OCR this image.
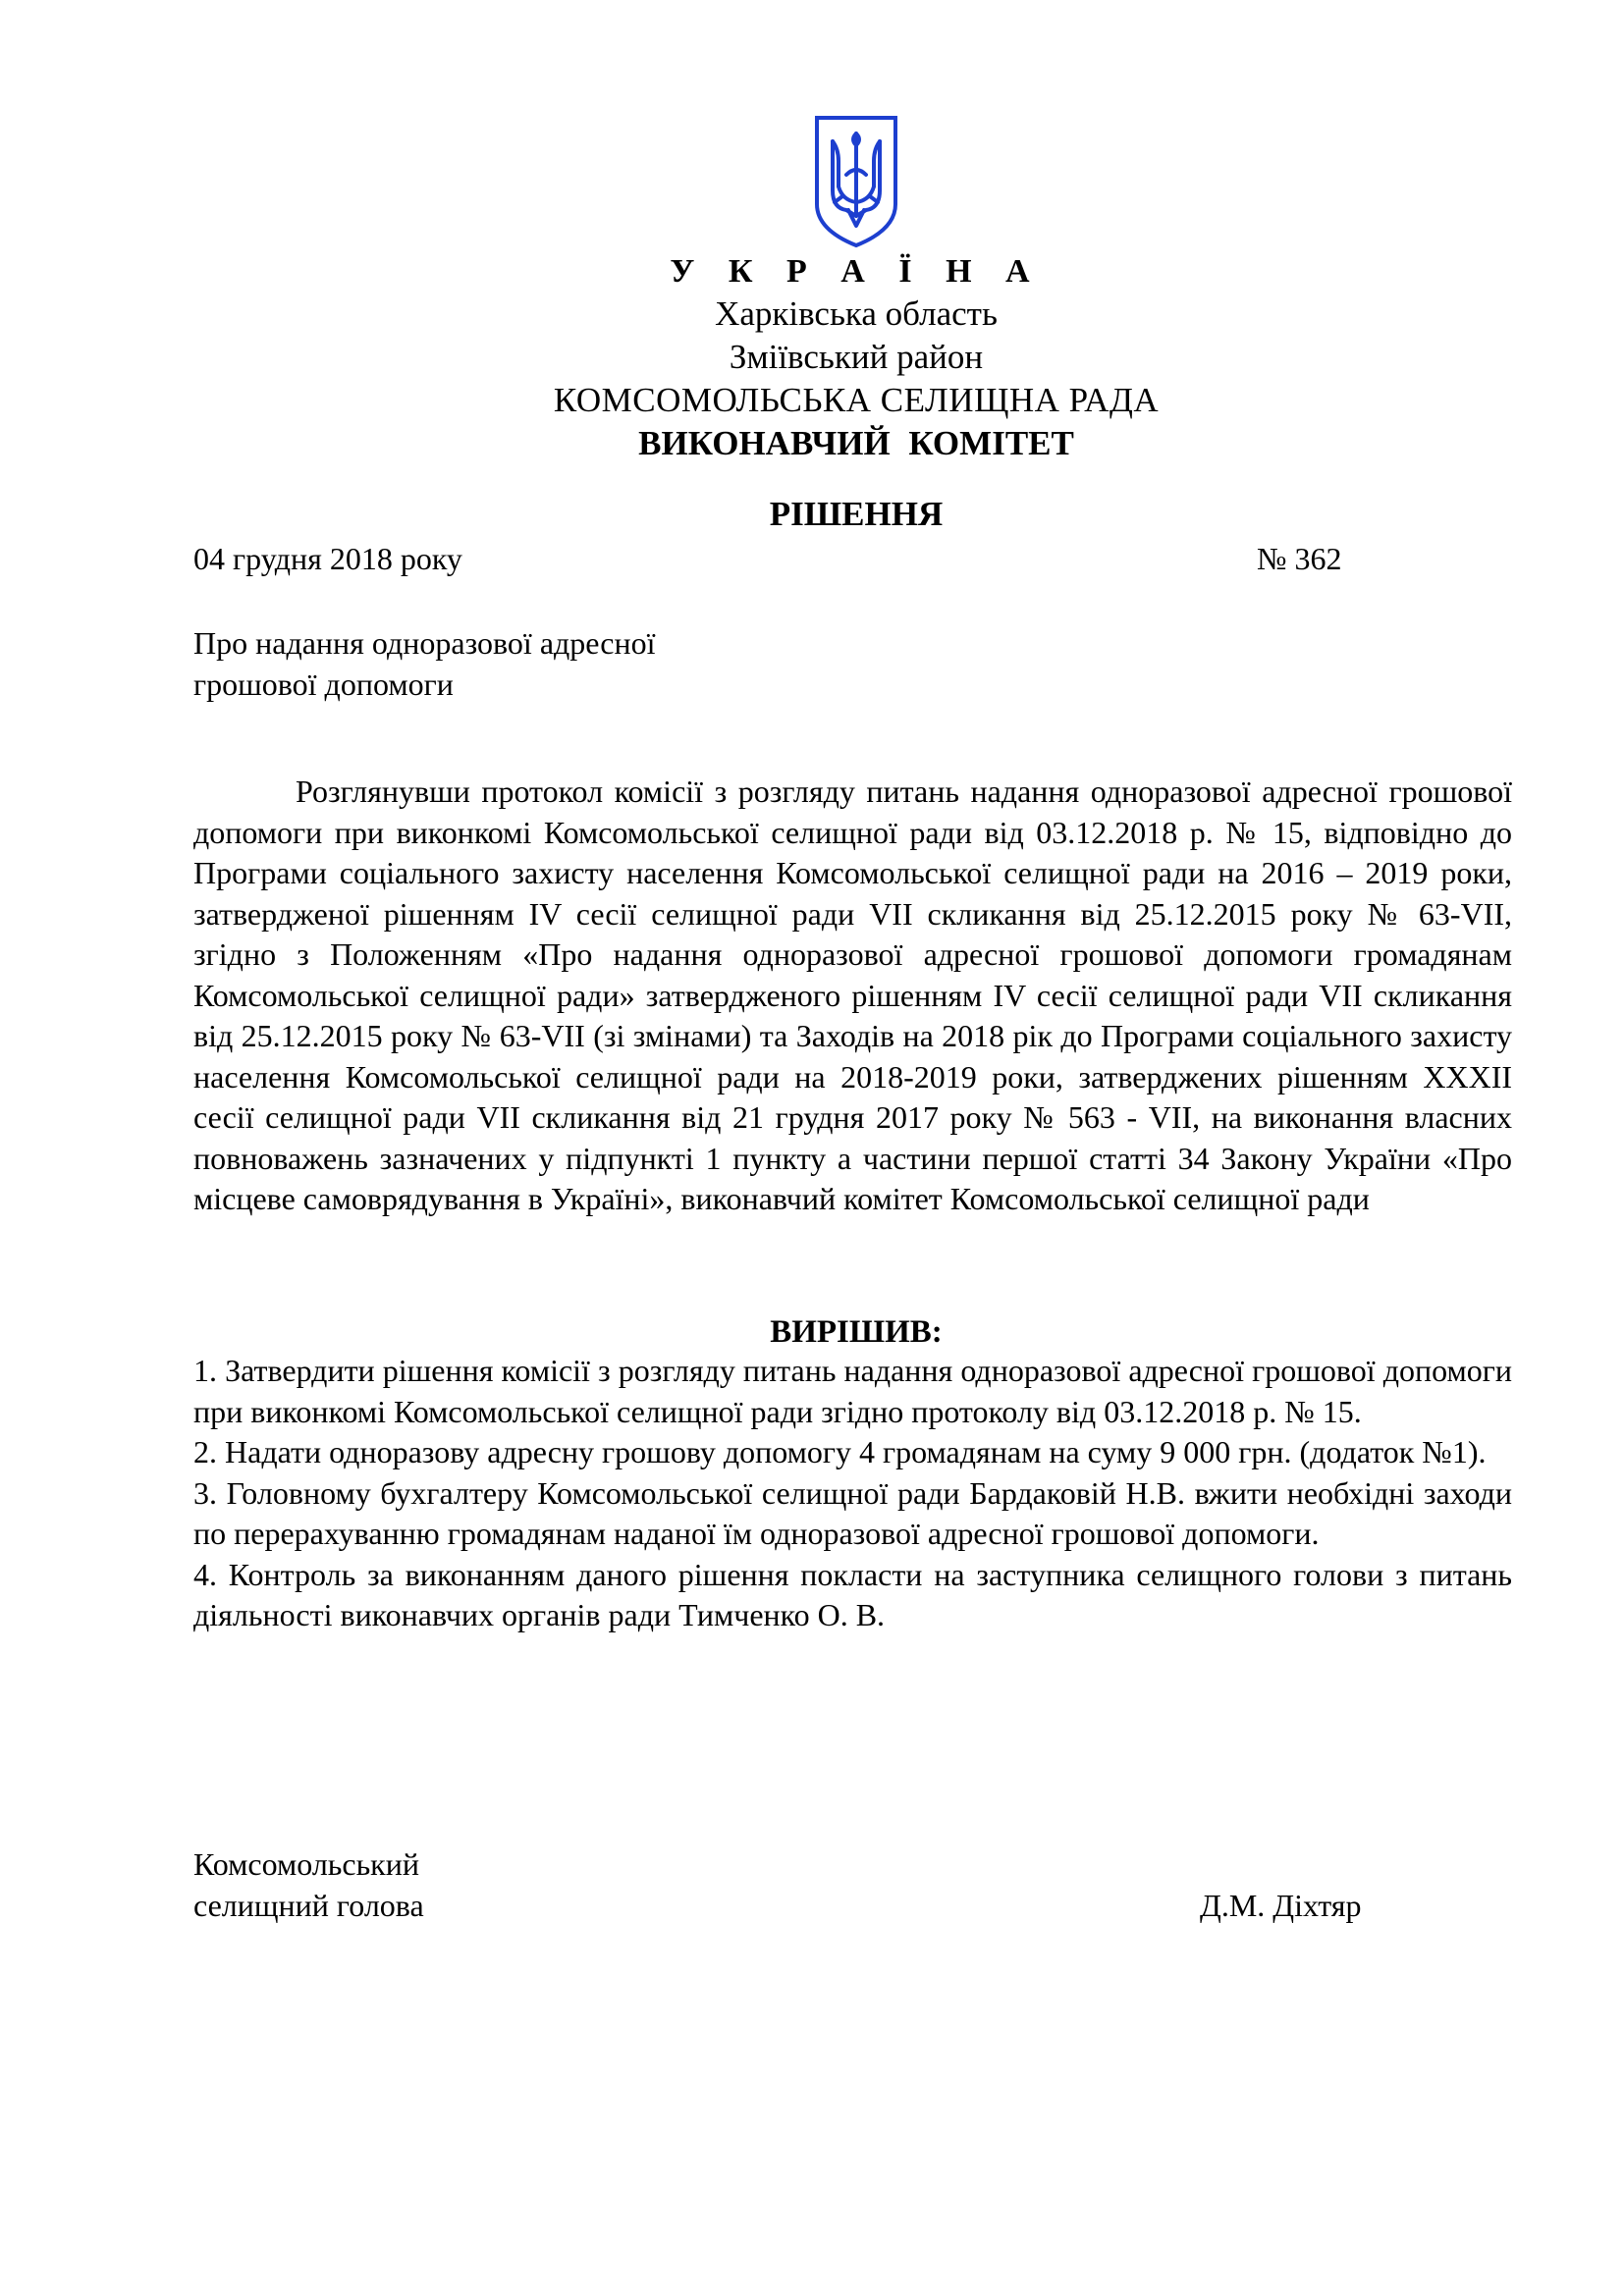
У К Р А Ї Н А
Харківська область
Зміївський район
КОМСОМОЛЬСЬКА СЕЛИЩНА РАДА
ВИКОНАВЧИЙ КОМІТЕТ
РІШЕННЯ
04 грудня 2018 року	№ 362
Про надання одноразової адресної
грошової допомоги

Розглянувши протокол комісії з розгляду питань надання одноразової адресної грошової допомоги при виконкомі Комсомольської селищної ради від 03.12.2018 р. № 15, відповідно до Програми соціального захисту населення Комсомольської селищної ради на 2016 – 2019 роки, затвердженої рішенням IV сесії селищної ради VII скликання від 25.12.2015 року № 63-VII, згідно з Положенням «Про надання одноразової адресної грошової допомоги громадянам Комсомольської селищної ради» затвердженого рішенням IV сесії селищної ради VII скликання від 25.12.2015 року № 63-VII (зі змінами) та Заходів на 2018 рік до Програми соціального захисту населення Комсомольської селищної ради на 2018-2019 роки, затверджених рішенням XXXII сесії селищної ради VII скликання від 21 грудня 2017 року № 563 - VII, на виконання власних повноважень зазначених у підпункті 1 пункту а частини першої статті 34 Закону України «Про місцеве самоврядування в Україні», виконавчий комітет Комсомольської селищної ради

ВИРІШИВ:

1. Затвердити рішення комісії з розгляду питань надання одноразової адресної грошової допомоги при виконкомі Комсомольської селищної ради згідно протоколу від 03.12.2018 р. № 15.

2. Надати одноразову адресну грошову допомогу 4 громадянам на суму 9 000 грн. (додаток №1).

3. Головному бухгалтеру Комсомольської селищної ради Бардаковій Н.В. вжити необхідні заходи по перерахуванню громадянам наданої їм одноразової адресної грошової допомоги.

4. Контроль за виконанням даного рішення покласти на заступника селищного голови з питань діяльності виконавчих органів ради Тимченко О. В.

Комсомольський
селищний голова	Д.М. Діхтяр
